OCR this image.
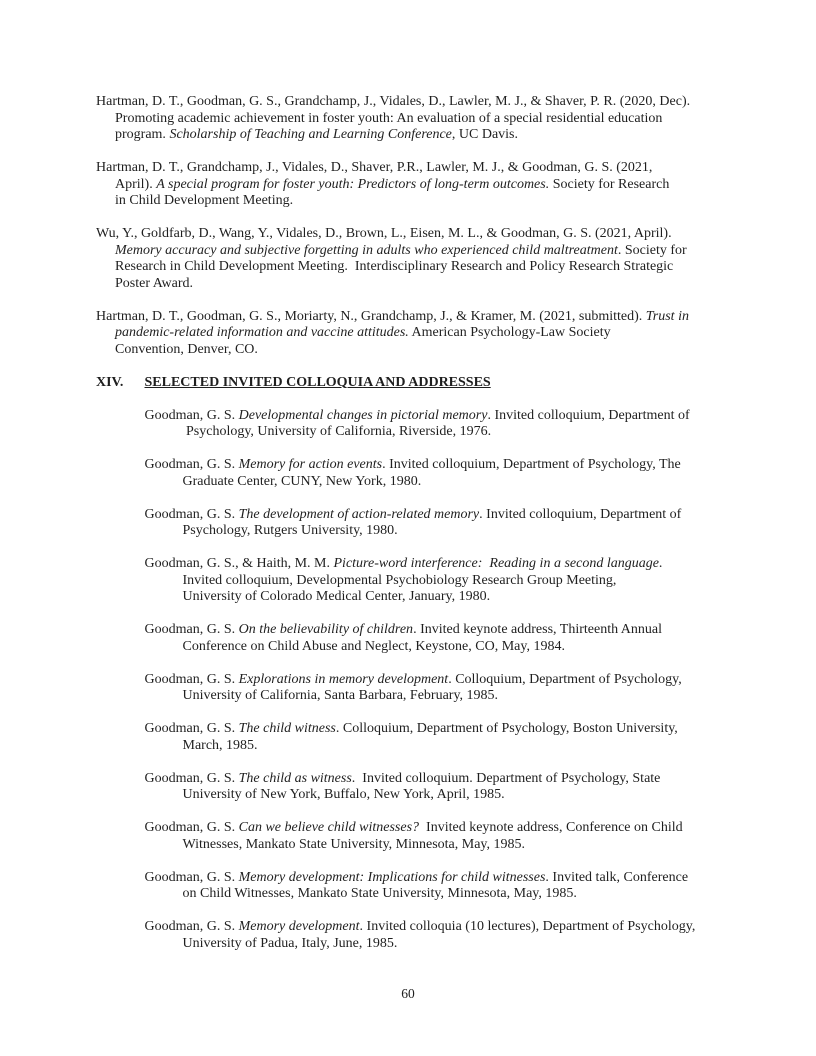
Hartman, D. T., Goodman, G. S., Grandchamp, J., Vidales, D., Lawler, M. J., & Shaver, P. R. (2020, Dec).
Promoting academic achievement in foster youth: An evaluation of a special residential education
program. Scholarship of Teaching and Learning Conference, UC Davis.

Hartman, D. T., Grandchamp, J., Vidales, D., Shaver, P.R., Lawler, M. J., & Goodman, G. S. (2021,
April). A special program for foster youth: Predictors of long-term outcomes. Society for Research
in Child Development Meeting.

Wu, Y., Goldfarb, D., Wang, Y., Vidales, D., Brown, L., Eisen, M. L., & Goodman, G. S. (2021, April).
Memory accuracy and subjective forgetting in adults who experienced child maltreatment. Society for
Research in Child Development Meeting.  Interdisciplinary Research and Policy Research Strategic
Poster Award.

Hartman, D. T., Goodman, G. S., Moriarty, N., Grandchamp, J., & Kramer, M. (2021, submitted). Trust in
pandemic-related information and vaccine attitudes. American Psychology-Law Society
Convention, Denver, CO.

XIV. SELECTED INVITED COLLOQUIA AND ADDRESSES

Goodman, G. S. Developmental changes in pictorial memory. Invited colloquium, Department of
Psychology, University of California, Riverside, 1976.

Goodman, G. S. Memory for action events. Invited colloquium, Department of Psychology, The
Graduate Center, CUNY, New York, 1980.

Goodman, G. S. The development of action-related memory. Invited colloquium, Department of
Psychology, Rutgers University, 1980.

Goodman, G. S., & Haith, M. M. Picture-word interference:  Reading in a second language.
Invited colloquium, Developmental Psychobiology Research Group Meeting,
University of Colorado Medical Center, January, 1980.

Goodman, G. S. On the believability of children. Invited keynote address, Thirteenth Annual
Conference on Child Abuse and Neglect, Keystone, CO, May, 1984.

Goodman, G. S. Explorations in memory development. Colloquium, Department of Psychology,
University of California, Santa Barbara, February, 1985.

Goodman, G. S. The child witness. Colloquium, Department of Psychology, Boston University,
March, 1985.

Goodman, G. S. The child as witness.  Invited colloquium. Department of Psychology, State
University of New York, Buffalo, New York, April, 1985.

Goodman, G. S. Can we believe child witnesses?  Invited keynote address, Conference on Child
Witnesses, Mankato State University, Minnesota, May, 1985.

Goodman, G. S. Memory development: Implications for child witnesses. Invited talk, Conference
on Child Witnesses, Mankato State University, Minnesota, May, 1985.

Goodman, G. S. Memory development. Invited colloquia (10 lectures), Department of Psychology,
University of Padua, Italy, June, 1985.

60
